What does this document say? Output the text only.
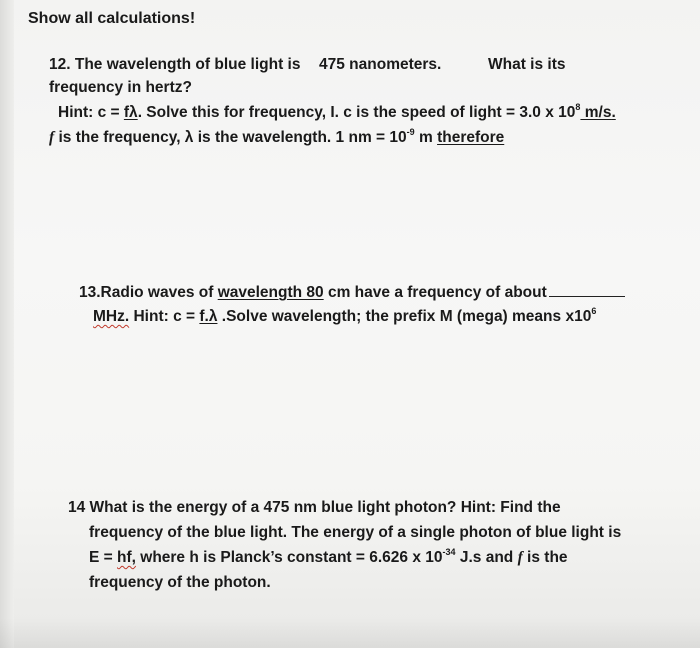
Show all calculations!
12. The wavelength of blue light is 475 nanometers.	What is its
frequency in hertz?
Hint: c = fλ. Solve this for frequency, I. c is the speed of light = 3.0 x $10^8$ m/s.
f is the frequency, λ is the wavelength. 1 nm = $10^{-9}$ m therefore
13.Radio waves of wavelength 80 cm have a frequency of about
MHz. Hint: c = f.λ .Solve wavelength; the prefix M (mega) means $x10^6$
14 What is the energy of a 475 nm blue light photon? Hint: Find the
frequency of the blue light. The energy of a single photon of blue light is
E = hf, where h is Planck’s constant = 6.626 x $10^{-34}$ J.s and f is the
frequency of the photon.
